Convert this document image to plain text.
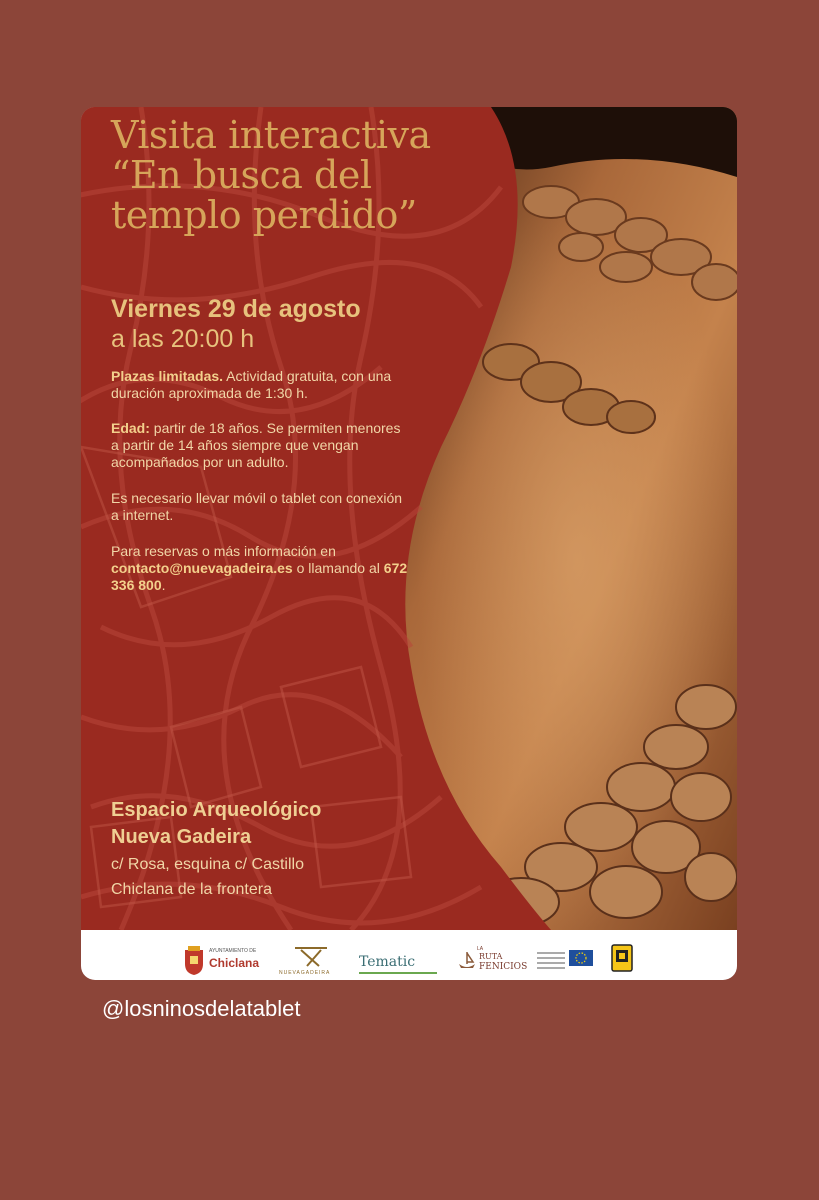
Visita interactiva
“En busca del
templo perdido”
Viernes 29 de agosto
a las 20:00 h
Plazas limitadas. Actividad gratuita, con una duración aproximada de 1:30 h.
Edad: partir de 18 años. Se permiten menores a partir de 14 años siempre que vengan acompañados por un adulto.
Es necesario llevar móvil o tablet con conexión a internet.
Para reservas o más información en contacto@nuevagadeira.es o llamando al 672 336 800.
Espacio Arqueológico
Nueva Gadeira
c/ Rosa, esquina c/ Castillo
Chiclana de la frontera
AYUNTAMIENTO DE
Chiclana
NUEVAGADEIRA
Tematic
LA
RUTA
FENICIOS
@losninosdelatablet
